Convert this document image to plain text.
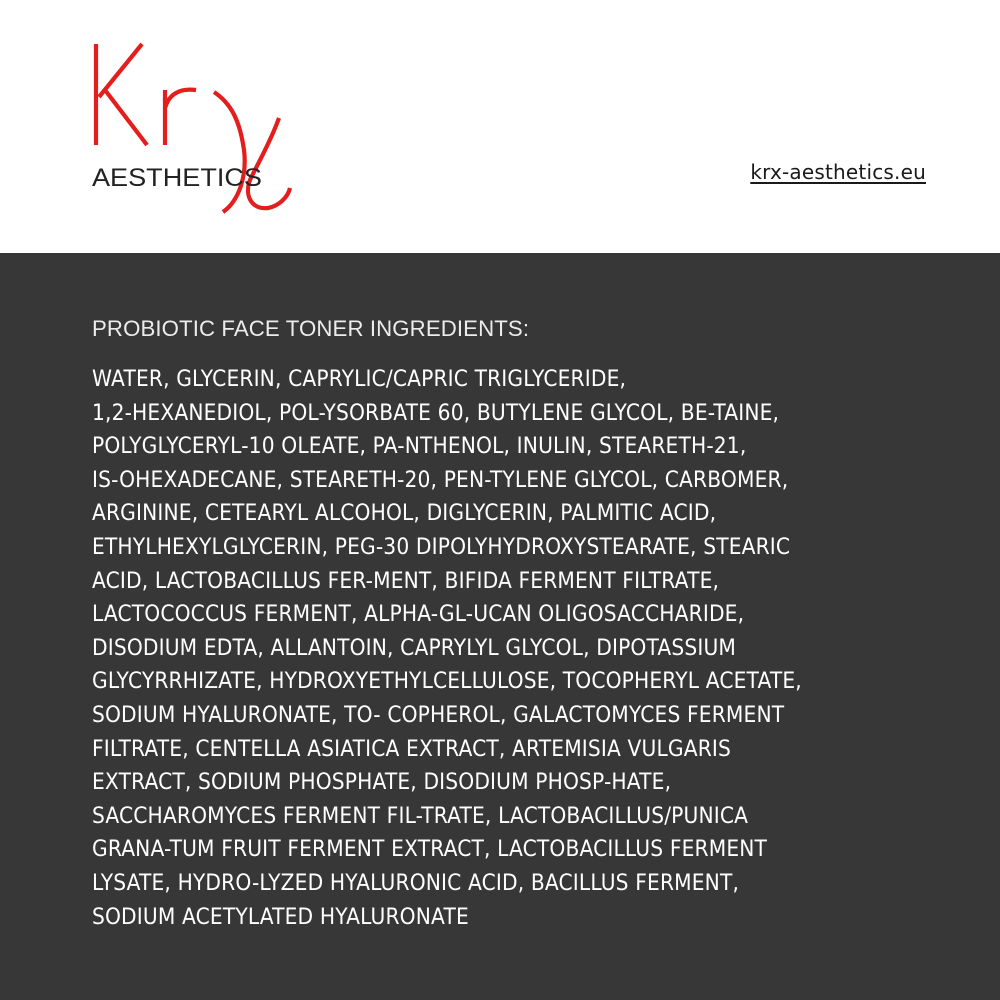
AESTHETICS	krx-aesthetics.eu
PROBIOTIC FACE TONER INGREDIENTS:
WATER, GLYCERIN, CAPRYLIC/CAPRIC TRIGLYCERIDE,
1,2-HEXANEDIOL, POL-YSORBATE 60, BUTYLENE GLYCOL, BE-TAINE,
POLYGLYCERYL-10 OLEATE, PA-NTHENOL, INULIN, STEARETH-21,
IS-OHEXADECANE, STEARETH-20, PEN-TYLENE GLYCOL, CARBOMER,
ARGININE, CETEARYL ALCOHOL, DIGLYCERIN, PALMITIC ACID,
ETHYLHEXYLGLYCERIN, PEG-30 DIPOLYHYDROXYSTEARATE, STEARIC
ACID, LACTOBACILLUS FER-MENT, BIFIDA FERMENT FILTRATE,
LACTOCOCCUS FERMENT, ALPHA-GL-UCAN OLIGOSACCHARIDE,
DISODIUM EDTA, ALLANTOIN, CAPRYLYL GLYCOL, DIPOTASSIUM
GLYCYRRHIZATE, HYDROXYETHYLCELLULOSE, TOCOPHERYL ACETATE,
SODIUM HYALURONATE, TO- COPHEROL, GALACTOMYCES FERMENT
FILTRATE, CENTELLA ASIATICA EXTRACT, ARTEMISIA VULGARIS
EXTRACT, SODIUM PHOSPHATE, DISODIUM PHOSP-HATE,
SACCHAROMYCES FERMENT FIL-TRATE, LACTOBACILLUS/PUNICA
GRANA-TUM FRUIT FERMENT EXTRACT, LACTOBACILLUS FERMENT
LYSATE, HYDRO-LYZED HYALURONIC ACID, BACILLUS FERMENT,
SODIUM ACETYLATED HYALURONATE
